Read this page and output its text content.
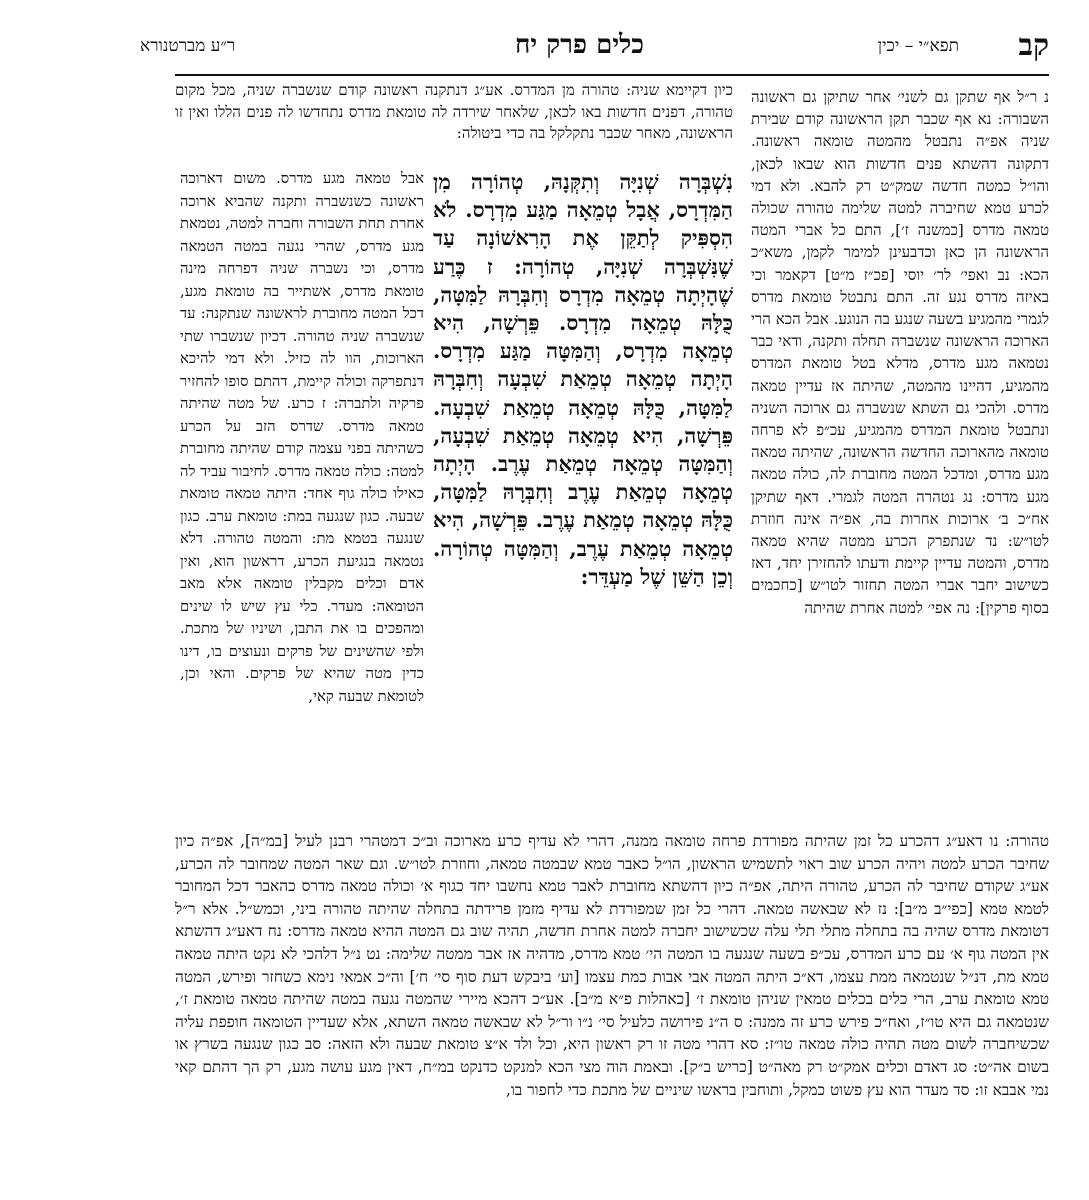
קב
תפא״י – יכין
כלים פרק יח
ר״ע מברטנורא
נ ר״ל אף שתקן גם לשני׳ אחר שתיקן גם ראשונה השבורה: נא אף שכבר תקן הראשונה קודם שבירת שניה אפ״ה נתבטל מהמטה טומאה ראשונה. דתקונה דהשתא פנים חדשות הוא שבאו לכאן, והו״ל כמטה חדשה שמק״ט רק להבא. ולא דמי לכרע טמא שחיברה למטה שלימה טהורה שכולה טמאה מדרס [כמשנה ז׳], התם כל אברי המטה הראשונה הן כאן וכדבעינן למימר לקמן, משא״כ הכא: נב ואפי׳ לר׳ יוסי [פכ״ז מ״ט] דקאמר וכי באיזה מדרס נגע זה. התם נתבטל טומאת מדרס לגמרי מהמגיע בשעה שנגע בה הנוגע. אבל הכא הרי הארוכה הראשונה שנשברה תחלה ותקנה, ודאי כבר נטמאה מגע מדרס, מדלא בטל טומאת המדרס מהמגיע, דהיינו מהמטה, שהיתה אז עדיין טמאה מדרס. ולהכי גם השתא שנשברה גם ארוכה השניה ונתבטל טומאת המדרס מהמגיע, עכ״פ לא פרחה טומאה מהארוכה החדשה הראשונה, שהיתה טמאה מגע מדרס, ומדכל המטה מחוברת לה, כולה טמאה מגע מדרס: נג נטהרה המטה לגמרי. דאף שתיקן אח״כ ב׳ ארוכות אחרות בה, אפ״ה אינה חוזרת לטו״ש: נד שנתפרק הכרע ממטה שהיא טמאה מדרס, והמטה עדיין קיימת ודעתו להחזירן יחד, דאז כשישוב יחבר אברי המטה תחזור לטו״ש [כחכמים בסוף פרקין]: נה אפי׳ למטה אחרת שהיתה
כיון דקיימא שניה: טהורה מן המדרס. אע״ג דנתקנה ראשונה קודם שנשברה שניה, מכל מקום טהורה, דפנים חדשות באו לכאן, שלאחר שירדה לה טומאת מדרס נתחדשו לה פנים הללו ואין זו הראשונה, מאחר שכבר נתקלקל בה כדי ביטולה:
נִשְׁבְּרָה שְׁנִיָּה וְתִקְּנָהּ, טְהוֹרָה מִן הַמִּדְרָס, אֲבָל טְמֵאָה מַגַּע מִדְרָס. לֹא הִסְפִּיק לְתַקֵּן אֶת הָרִאשׁוֹנָה עַד שֶׁנִּשְׁבְּרָה שְׁנִיָּה, טְהוֹרָה: ז כֶּרַע שֶׁהָיְתָה טְמֵאָה מִדְרָס וְחִבְּרָהּ לַמִּטָּה, כֻּלָּהּ טְמֵאָה מִדְרָס. פֵּרְשָׁה, הִיא טְמֵאָה מִדְרָס, וְהַמִּטָּה מַגַּע מִדְרָס. הָיְתָה טְמֵאָה טְמֵאַת שִׁבְעָה וְחִבְּרָהּ לַמִּטָּה, כֻּלָּהּ טְמֵאָה טְמֵאַת שִׁבְעָה. פֵּרְשָׁה, הִיא טְמֵאָה טְמֵאַת שִׁבְעָה, וְהַמִּטָּה טְמֵאָה טְמֵאַת עֶרֶב. הָיְתָה טְמֵאָה טְמֵאַת עֶרֶב וְחִבְּרָהּ לַמִּטָּה, כֻּלָּהּ טְמֵאָה טְמֵאַת עֶרֶב. פֵּרְשָׁה, הִיא טְמֵאָה טְמֵאַת עֶרֶב, וְהַמִּטָּה טְהוֹרָה. וְכֵן הַשֵּׁן שֶׁל מַעְדֵּר:
אבל טמאה מגע מדרס. משום דארוכה ראשונה כשנשברה ותקנה שהביא ארוכה אחרת תחת השבורה וחברה למטה, נטמאת מגע מדרס, שהרי נגעה במטה הטמאה מדרס, וכי נשברה שניה דפרחה מינה טומאת מדרס, אשתייר בה טומאת מגע, דכל המטה מחוברת לראשונה שנתקנה: עד שנשברה שניה טהורה. דכיון שנשברו שתי הארוכות, הוו לה כזיל. ולא דמי להיכא דנתפרקה וכולה קיימת, דהתם סופו להחזיר פרקיה ולתברה: ז כרע. של מטה שהיתה טמאה מדרס. שדרס הזב על הכרע כשהיתה בפני עצמה קודם שהיתה מחוברת למטה: כולה טמאה מדרס. לחיבור עביד לה כאילו כולה גוף אחד: היתה טמאה טומאת שבעה. כגון שנגעה במת: טומאת ערב. כגון שנגעה בטמא מת: והמטה טהורה. דלא נטמאה בנגיעת הכרע, דראשון הוא, ואין אדם וכלים מקבלין טומאה אלא מאב הטומאה: מעדר. כלי עץ שיש לו שינים ומהפכים בו את התבן, ושיניו של מתכת. ולפי שהשינים של פרקים ונעוצים בו, דינו כדין מטה שהיא של פרקים. והאי וכן, לטומאת שבעה קאי,
טהורה: נו דאע״ג דהכרע כל זמן שהיתה מפורדת פרחה טומאה ממנה, דהרי לא עדיף כרע מארוכה וב״כ דמטהרי רבנן לעיל [במ״ה], אפ״ה כיון שחיבר הכרע למטה ויהיה הכרע שוב ראוי לתשמיש הראשון, הו״ל כאבר טמא שבמטה טמאה, וחוזרת לטו״ש. וגם שאר המטה שמחובר לה הכרע, אע״ג שקודם שחיבר לה הכרע, טהורה היתה, אפ״ה כיון דהשתא מחוברת לאבר טמא נחשבו יחד כגוף א׳ וכולה טמאה מדרס כהאבר דכל המחובר לטמא טמא [כפי״ב מ״ב]: נז לא שבאשה טמאה. דהרי כל זמן שמפורדת לא עדיף מזמן פרידתה בתחלה שהיתה טהורה ביני, וכמש״ל. אלא ר״ל דטומאת מדרס שהיה בה בתחלה מתלי תלי עלה שכשישוב יחברה למטה אחרת חדשה, תהיה שוב גם המטה ההיא טמאה מדרס: נח דאע״ג דהשתא אין המטה גוף א׳ עם כרע המדרס, עכ״פ בשעה שנגעה בו המטה הי׳ טמא מדרס, מדהיה אז אבר ממטה שלימה: נט נ״ל דלהכי לא נקט היתה טמאה טמא מת, דנ״ל שנטמאה ממת עצמו, דא״כ היתה המטה אבי אבות כמת עצמו [וע׳ ביבקש דעת סוף סי׳ ח׳] וה״כ אמאי נימא כשחזר ופירש, המטה טמא טומאת ערב, הרי כלים בכלים טמאין שניהן טומאת ז׳ [כאהלות פ״א מ״ב]. אע״כ דהכא מיירי שהמטה נגעה במטה שהיתה טמאה טומאת ז׳, שנטמאה גם היא טו״ז, ואח״כ פירש כרע זה ממנה: ס ה״נ פירושה כלעיל סי׳ נ״ו ור״ל לא שבאשה טמאה השתא, אלא שעדיין הטומאה חופפת עליה שכשיחברה לשום מטה תהיה כולה טמאה טו״ז: סא דהרי מטה זו רק ראשון היא, וכל ולד א״צ טומאת שבעה ולא הזאה: סב כגון שנגעה בשרץ או בשום אה״ט: סג דאדם וכלים אמק״ט רק מאה״ט [כריש ב״ק]. ובאמת הוה מצי הכא למנקט כדנקט במ״ח, דאין מגע עושה מגע, רק הך דהתם קאי נמי אבבא זו: סד מעדר הוא עץ פשוט כמקל, ותוחבין בראשו שיניים של מתכת כדי לחפור בו,
